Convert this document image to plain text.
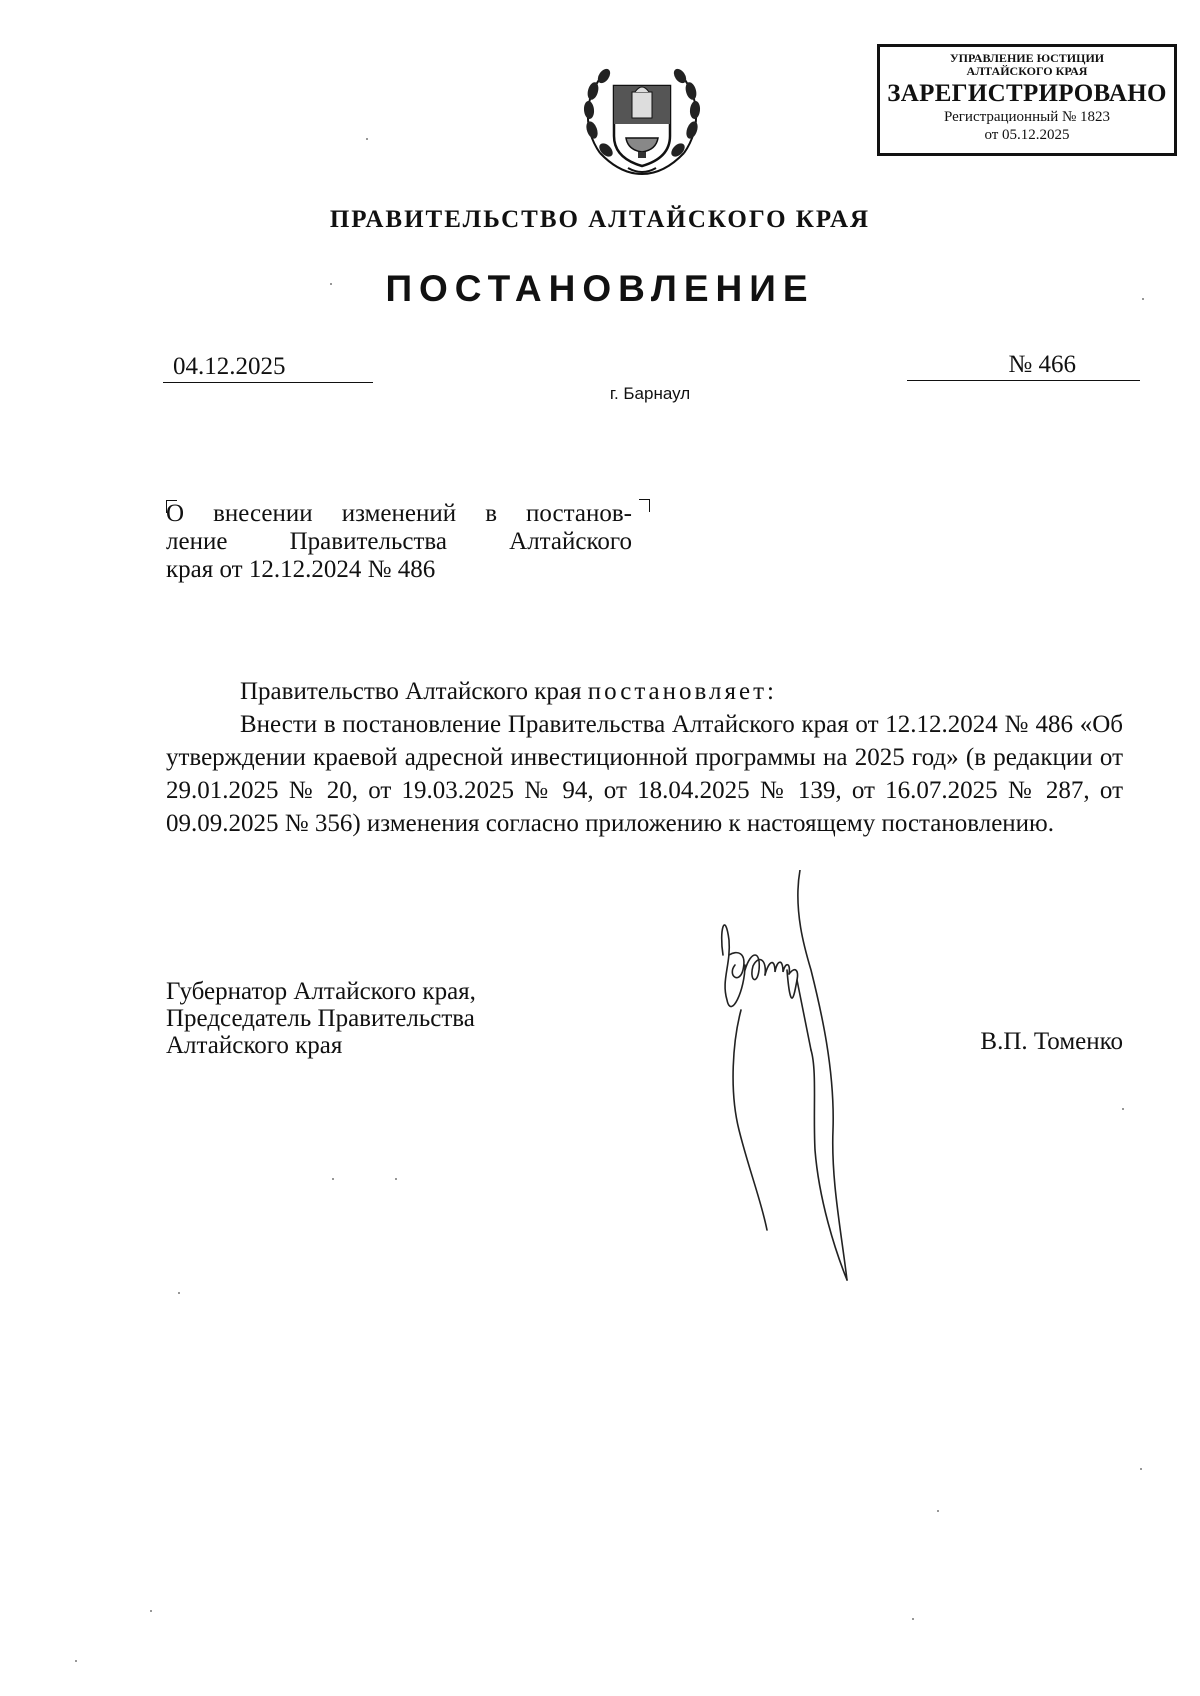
УПРАВЛЕНИЕ ЮСТИЦИИ
АЛТАЙСКОГО КРАЯ
ЗАРЕГИСТРИРОВАНО
Регистрационный № 1823
от 05.12.2025
ПРАВИТЕЛЬСТВО АЛТАЙСКОГО КРАЯ
ПОСТАНОВЛЕНИЕ
04.12.2025	№ 466
г. Барнаул
О внесении изменений в постанов-
ление Правительства Алтайского
края от 12.12.2024 № 486

Правительство Алтайского края постановляет:

Внести в постановление Правительства Алтайского края от 12.12.2024 № 486 «Об утверждении краевой адресной инвестиционной программы на 2025 год» (в редакции от 29.01.2025 № 20, от 19.03.2025 № 94, от 18.04.2025 № 139, от 16.07.2025 № 287, от 09.09.2025 № 356) изменения согласно приложению к настоящему постановлению.

Губернатор Алтайского края,
Председатель Правительства
Алтайского края	В.П. Томенко
